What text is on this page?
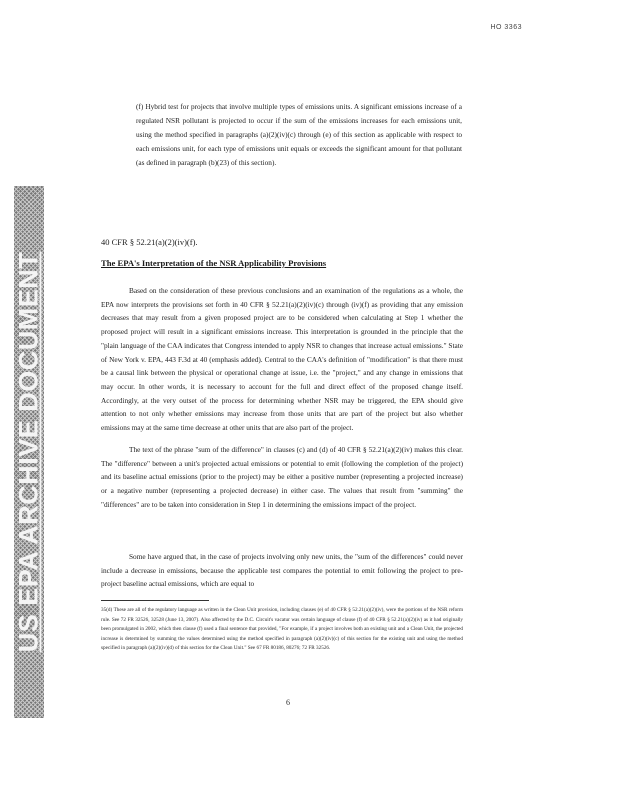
HO 3363
US EPA ARCHIVE DOCUMENT
(f) Hybrid test for projects that involve multiple types of emissions units. A significant emissions increase of a regulated NSR pollutant is projected to occur if the sum of the emissions increases for each emissions unit, using the method specified in paragraphs (a)(2)(iv)(c) through (e) of this section as applicable with respect to each emissions unit, for each type of emissions unit equals or exceeds the significant amount for that pollutant (as defined in paragraph (b)(23) of this section).
40 CFR § 52.21(a)(2)(iv)(f).
The EPA's Interpretation of the NSR Applicability Provisions

Based on the consideration of these previous conclusions and an examination of the regulations as a whole, the EPA now interprets the provisions set forth in 40 CFR § 52.21(a)(2)(iv)(c) through (iv)(f) as providing that any emission decreases that may result from a given proposed project are to be considered when calculating at Step 1 whether the proposed project will result in a significant emissions increase. This interpretation is grounded in the principle that the "plain language of the CAA indicates that Congress intended to apply NSR to changes that increase actual emissions." State of New York v. EPA, 443 F.3d at 40 (emphasis added). Central to the CAA's definition of "modification" is that there must be a causal link between the physical or operational change at issue, i.e. the "project," and any change in emissions that may occur. In other words, it is necessary to account for the full and direct effect of the proposed change itself. Accordingly, at the very outset of the process for determining whether NSR may be triggered, the EPA should give attention to not only whether emissions may increase from those units that are part of the project but also whether emissions may at the same time decrease at other units that are also part of the project.

The text of the phrase "sum of the difference" in clauses (c) and (d) of 40 CFR § 52.21(a)(2)(iv) makes this clear. The "difference" between a unit's projected actual emissions or potential to emit (following the completion of the project) and its baseline actual emissions (prior to the project) may be either a positive number (representing a projected increase) or a negative number (representing a projected decrease) in either case. The values that result from "summing" the "differences" are to be taken into consideration in Step 1 in determining the emissions impact of the project.

Some have argued that, in the case of projects involving only new units, the "sum of the differences" could never include a decrease in emissions, because the applicable test compares the potential to emit following the project to pre-project baseline actual emissions, which are equal to

35(d) These are all of the regulatory language as written in the Clean Unit provision, including clauses (e) of 40 CFR § 52.21(a)(2)(iv), were the portions of the NSR reform rule. See 72 FR 32526, 32528 (June 13, 2007). Also affected by the D.C. Circuit's vacatur was certain language of clause (f) of 40 CFR § 52.21(a)(2)(iv) as it had originally been promulgated in 2002, which then clause (f) used a final sentence that provided, "For example, if a project involves both an existing unit and a Clean Unit, the projected increase is determined by summing the values determined using the method specified in paragraph (a)(2)(iv)(c) of this section for the existing unit and using the method specified in paragraph (a)(2)(iv)(d) of this section for the Clean Unit." See 67 FR 80186, 80276; 72 FR 32526.
6
